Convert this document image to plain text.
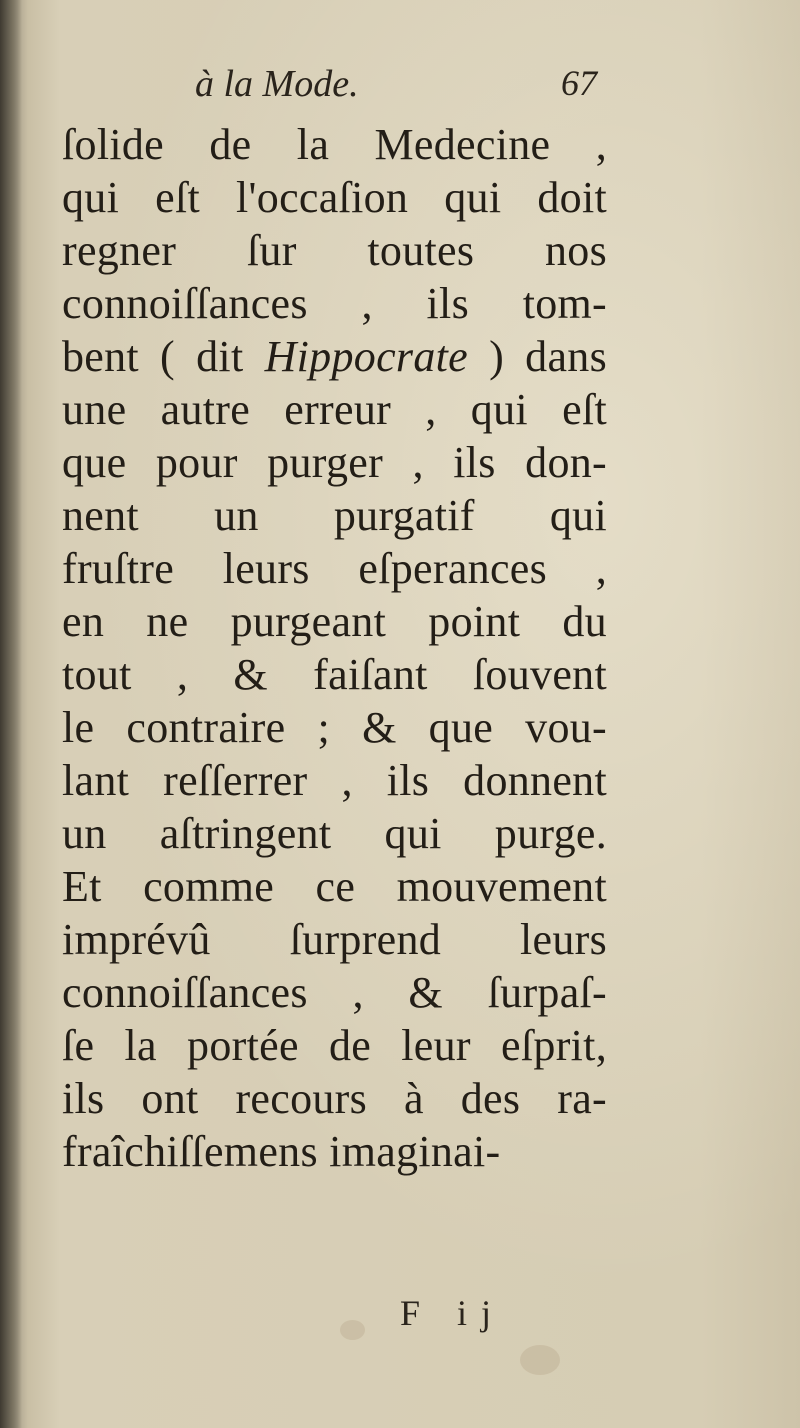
à la Mode.	67
ſolide de la Medecine ,
qui eſt l'occaſion qui doit
regner ſur toutes nos
connoiſſances , ils tom-
bent ( dit Hippocrate ) dans
une autre erreur , qui eſt
que pour purger , ils don-
nent un purgatif qui
fruſtre leurs eſperances ,
en ne purgeant point du
tout , & faiſant ſouvent
le contraire ; & que vou-
lant reſſerrer , ils donnent
un aſtringent qui purge.
Et comme ce mouvement
imprévû ſurprend leurs
connoiſſances , & ſurpaſ-
ſe la portée de leur eſprit,
ils ont recours à des ra-
fraîchiſſemens imaginai-
F ij
